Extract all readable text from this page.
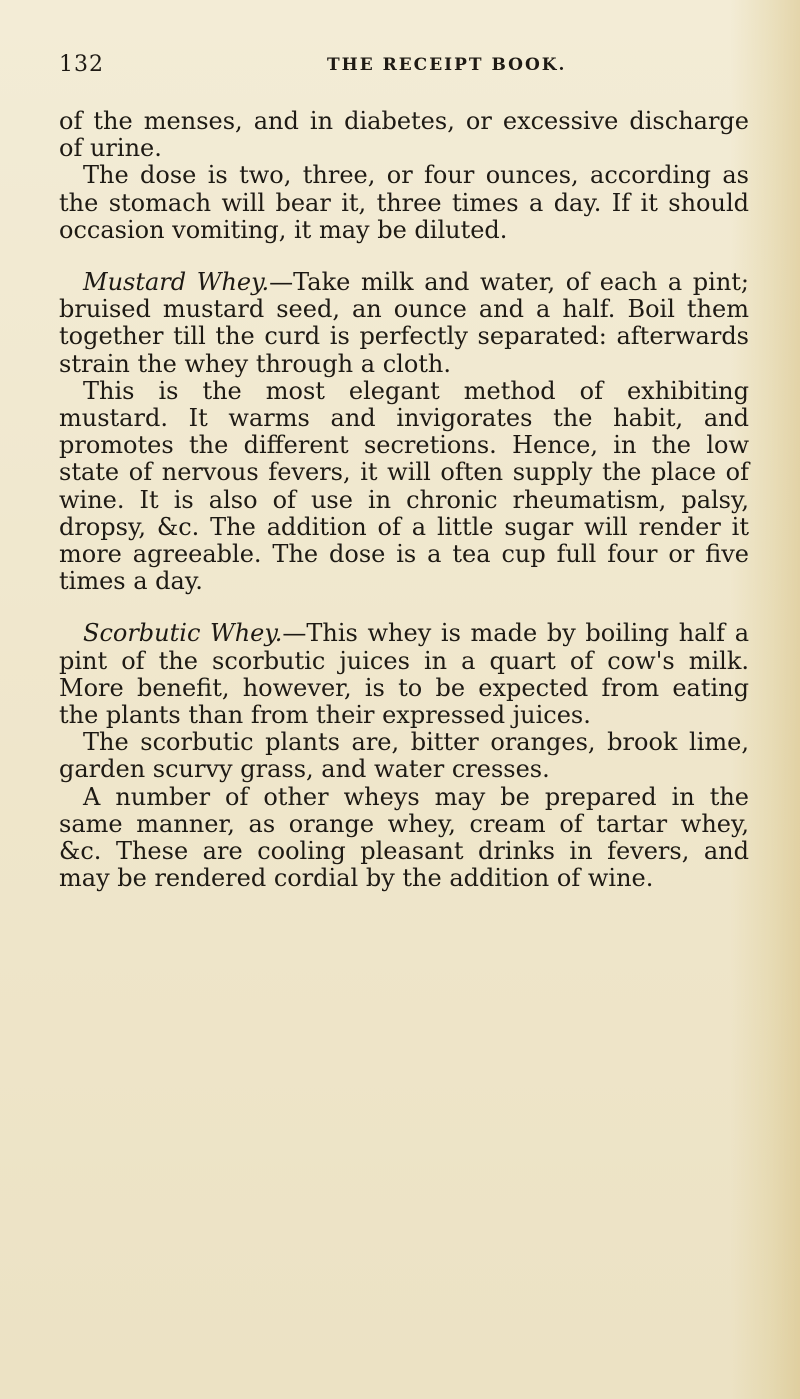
132	THE RECEIPT BOOK.

of the menses, and in diabetes, or excessive discharge of urine.

The dose is two, three, or four ounces, according as the stomach will bear it, three times a day. If it should occasion vomiting, it may be diluted.

Mustard Whey.—Take milk and water, of each a pint; bruised mustard seed, an ounce and a half. Boil them together till the curd is perfectly separated: afterwards strain the whey through a cloth.

This is the most elegant method of exhibiting mustard. It warms and invigorates the habit, and promotes the different secretions. Hence, in the low state of nervous fevers, it will often supply the place of wine. It is also of use in chronic rheumatism, palsy, dropsy, &c. The addition of a little sugar will render it more agreeable. The dose is a tea cup full four or five times a day.

Scorbutic Whey.—This whey is made by boiling half a pint of the scorbutic juices in a quart of cow's milk. More benefit, however, is to be expected from eating the plants than from their expressed juices.

The scorbutic plants are, bitter oranges, brook lime, garden scurvy grass, and water cresses.

A number of other wheys may be prepared in the same manner, as orange whey, cream of tartar whey, &c. These are cooling pleasant drinks in fevers, and may be rendered cordial by the addition of wine.
